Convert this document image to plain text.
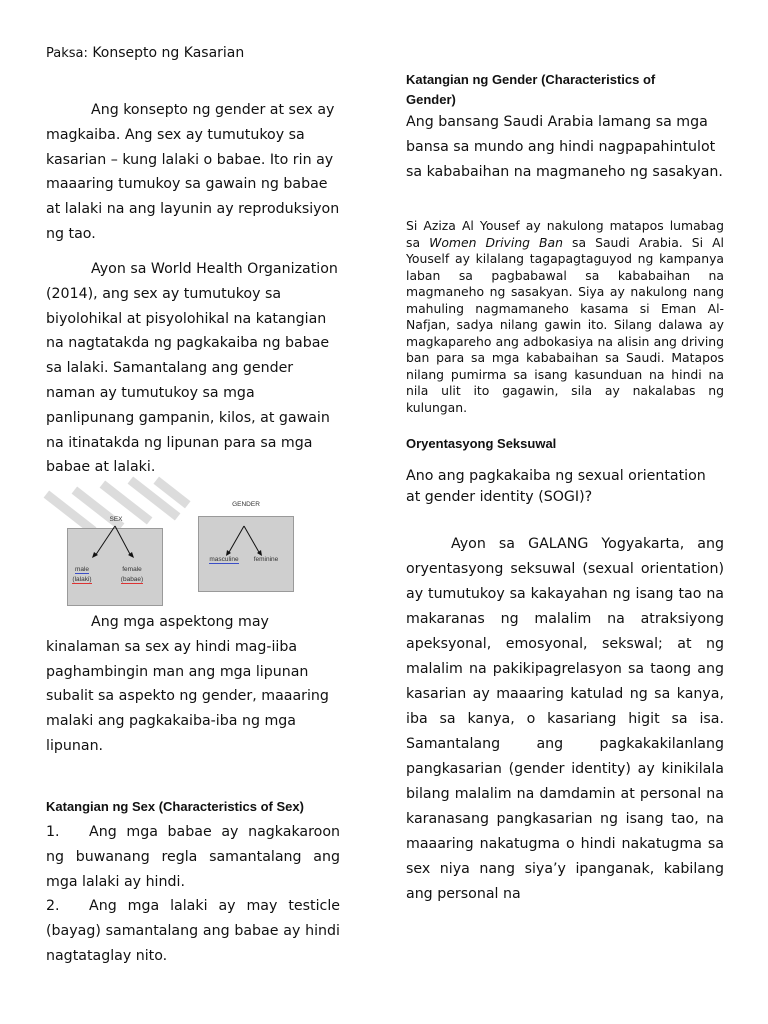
Paksa: Konsepto ng Kasarian

Ang konsepto ng gender at sex ay magkaiba. Ang sex ay tumutukoy sa kasarian – kung lalaki o babae. Ito rin ay maaaring tumukoy sa gawain ng babae at lalaki na ang layunin ay reproduksiyon ng tao.

Ayon sa World Health Organization (2014), ang sex ay tumutukoy sa biyolohikal at pisyolohikal na katangian na nagtatakda ng pagkakaiba ng babae sa lalaki. Samantalang ang gender naman ay tumutukoy sa mga panlipunang gampanin, kilos, at gawain na itinatakda ng lipunan para sa mga babae at lalaki.

SEX
male
(lalaki)
female
(babae)
GENDER
masculine	feminine

Ang mga aspektong may kinalaman sa sex ay hindi mag-iiba paghambingin man ang mga lipunan subalit sa aspekto ng gender, maaaring malaki ang pagkakaiba-iba ng mga lipunan.

Katangian ng Sex (Characteristics of Sex)

1. Ang mga babae ay nagkakaroon ng buwanang regla samantalang ang mga lalaki ay hindi.

2. Ang mga lalaki ay may testicle (bayag) samantalang ang babae ay hindi nagtataglay nito.

Katangian ng Gender (Characteristics of Gender)

Ang bansang Saudi Arabia lamang sa mga bansa sa mundo ang hindi nagpapahintulot sa kababaihan na magmaneho ng sasakyan.

Si Aziza Al Yousef ay nakulong matapos lumabag sa Women Driving Ban sa Saudi Arabia. Si Al Youself ay kilalang tagapagtaguyod ng kampanya laban sa pagbabawal sa kababaihan na magmaneho ng sasakyan. Siya ay nakulong nang mahuling nagmamaneho kasama si Eman Al-Nafjan, sadya nilang gawin ito. Silang dalawa ay magkapareho ang adbokasiya na alisin ang driving ban para sa mga kababaihan sa Saudi. Matapos nilang pumirma sa isang kasunduan na hindi na nila ulit ito gagawin, sila ay nakalabas ng kulungan.

Oryentasyong Seksuwal

Ano ang pagkakaiba ng sexual orientation at gender identity (SOGI)?

Ayon sa GALANG Yogyakarta, ang oryentasyong seksuwal (sexual orientation) ay tumutukoy sa kakayahan ng isang tao na makaranas ng malalim na atraksiyong apeksyonal, emosyonal, sekswal; at ng malalim na pakikipagrelasyon sa taong ang kasarian ay maaaring katulad ng sa kanya, iba sa kanya, o kasariang higit sa isa. Samantalang ang pagkakakilanlang pangkasarian (gender identity) ay kinikilala bilang malalim na damdamin at personal na karanasang pangkasarian ng isang tao, na maaaring nakatugma o hindi nakatugma sa sex niya nang siya’y ipanganak, kabilang ang personal na
